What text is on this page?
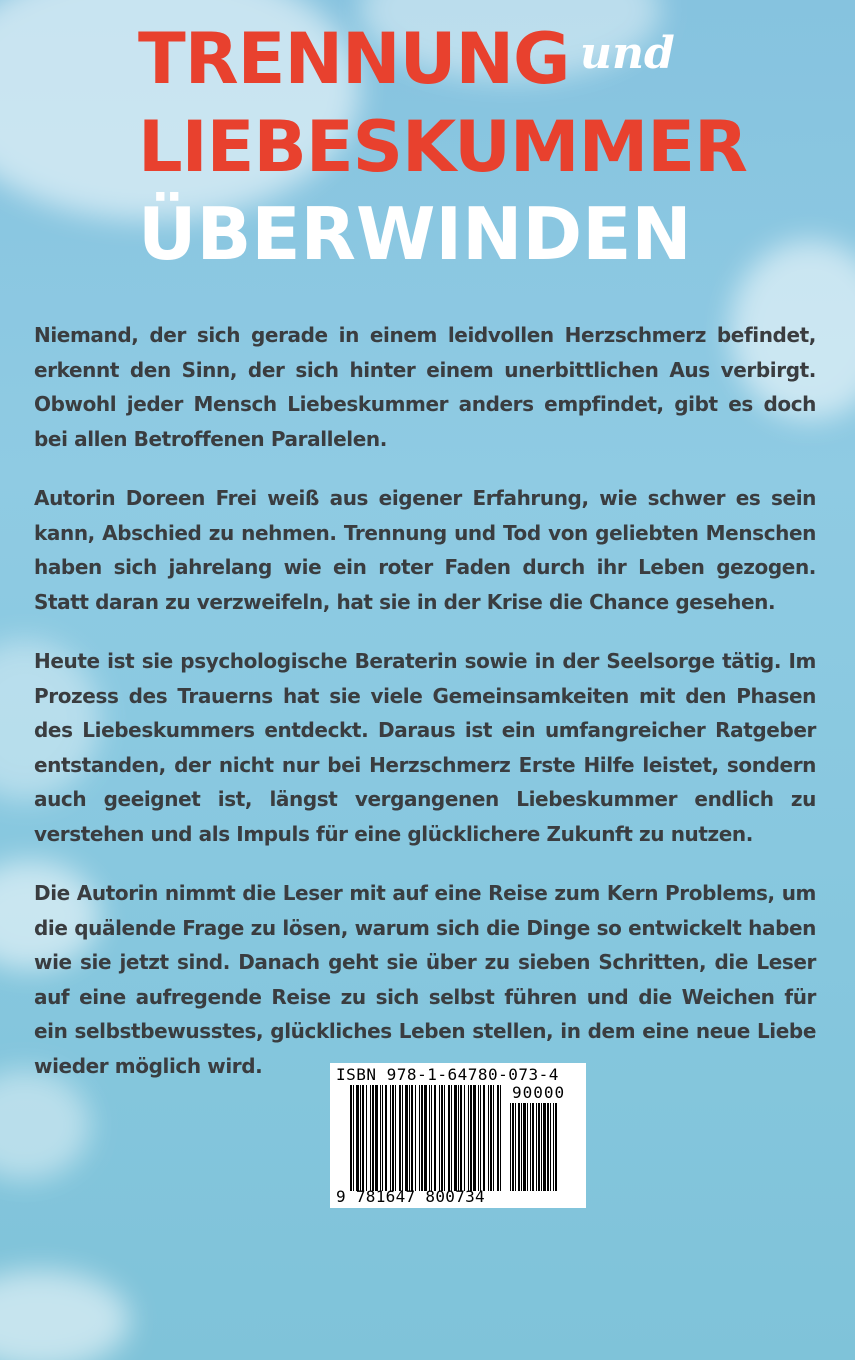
TRENNUNG und
LIEBESKUMMER
ÜBERWINDEN

Niemand, der sich gerade in einem leidvollen Herzschmerz befindet, erkennt den Sinn, der sich hinter einem unerbittlichen Aus verbirgt. Obwohl jeder Mensch Liebeskummer anders empfindet, gibt es doch bei allen Betroffenen Parallelen.

Autorin Doreen Frei weiß aus eigener Erfahrung, wie schwer es sein kann, Abschied zu nehmen. Trennung und Tod von geliebten Menschen haben sich jahrelang wie ein roter Faden durch ihr Leben gezogen. Statt daran zu verzweifeln, hat sie in der Krise die Chance gesehen.

Heute ist sie psychologische Beraterin sowie in der Seelsorge tätig. Im Prozess des Trauerns hat sie viele Gemeinsamkeiten mit den Phasen des Liebeskummers entdeckt. Daraus ist ein umfangreicher Ratgeber entstanden, der nicht nur bei Herzschmerz Erste Hilfe leistet, sondern auch geeignet ist, längst vergangenen Liebeskummer endlich zu verstehen und als Impuls für eine glücklichere Zukunft zu nutzen.

Die Autorin nimmt die Leser mit auf eine Reise zum Kern Problems, um die quälende Frage zu lösen, warum sich die Dinge so entwickelt haben wie sie jetzt sind. Danach geht sie über zu sieben Schritten, die Leser auf eine aufregende Reise zu sich selbst führen und die Weichen für ein selbstbewusstes, glückliches Leben stellen, in dem eine neue Liebe wieder möglich wird.	ISBN 978-1-64780-073-4
90000
9 781647 800734
